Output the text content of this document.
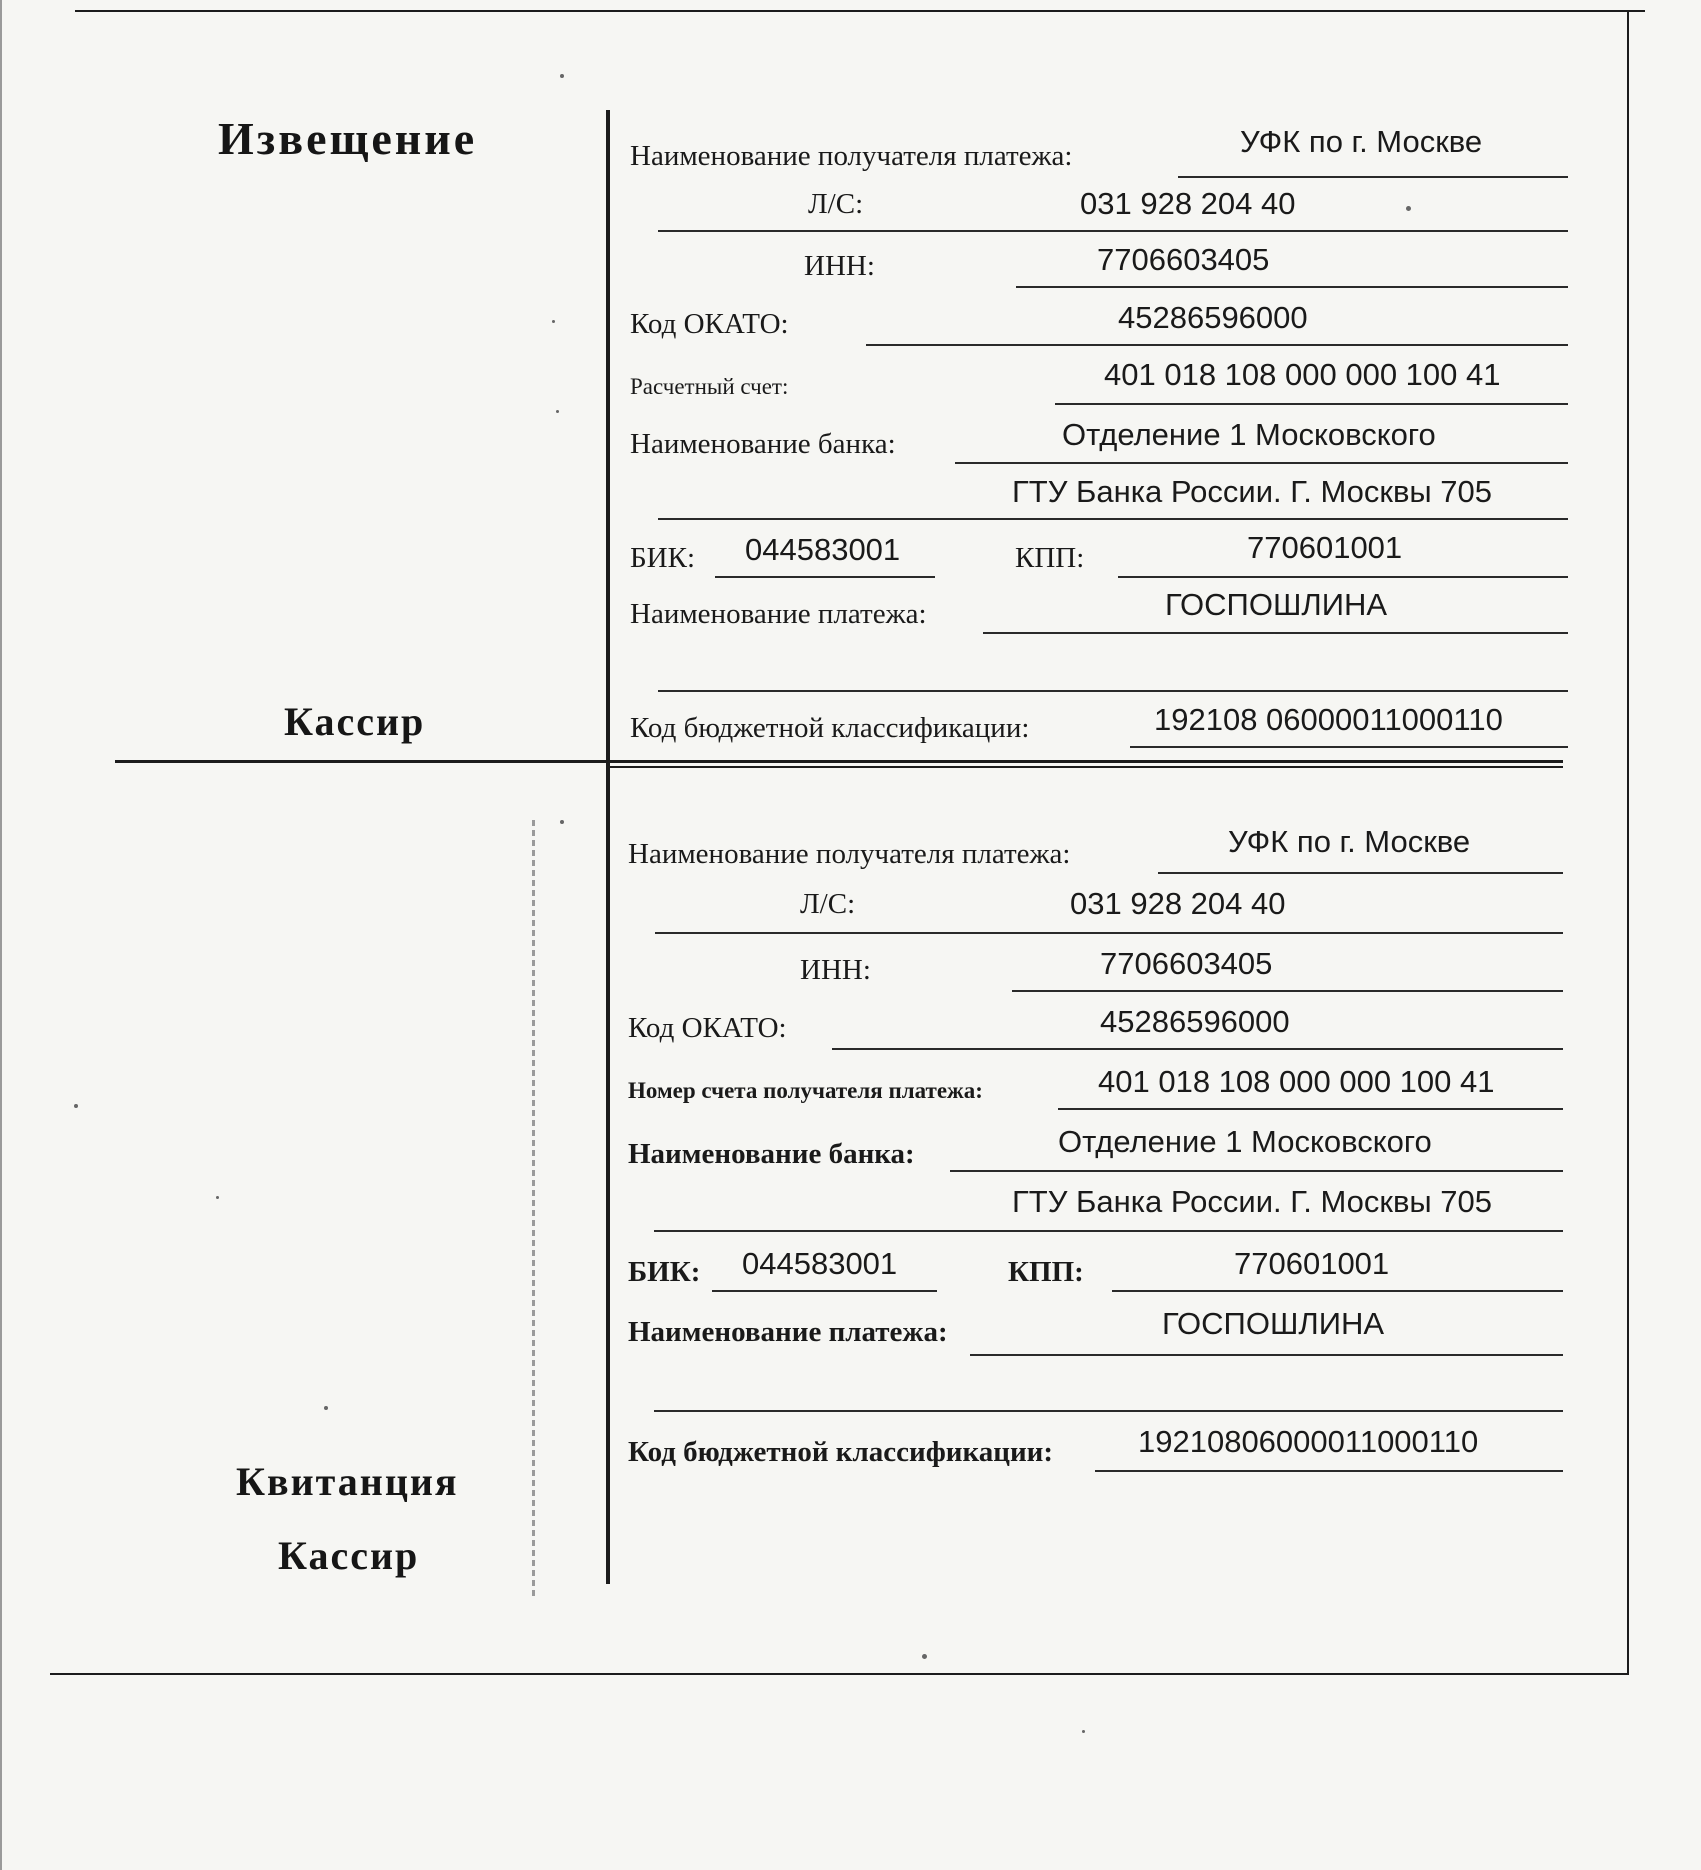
Извещение
Кассир
Наименование получателя платежа:	УФК по г. Москве
Л/С:	031 928 204 40
ИНН:	7706603405
Код ОКАТО:	45286596000
Расчетный счет:	401 018 108 000 000 100 41
Наименование банка:	Отделение 1 Московского
ГТУ Банка России. Г. Москвы 705
БИК: 044583001	КПП:	770601001
Наименование платежа:	ГОСПОШЛИНА
Код бюджетной классификации:	192108 06000011000110
Квитанция
Кассир
Наименование получателя платежа:	УФК по г. Москве
Л/С:	031 928 204 40
ИНН:	7706603405
Код ОКАТО:	45286596000
Номер счета получателя платежа:	401 018 108 000 000 100 41
Наименование банка:	Отделение 1 Московского
ГТУ Банка России. Г. Москвы 705
БИК: 044583001	КПП:	770601001
Наименование платежа:	ГОСПОШЛИНА
Код бюджетной классификации:	19210806000011000110
